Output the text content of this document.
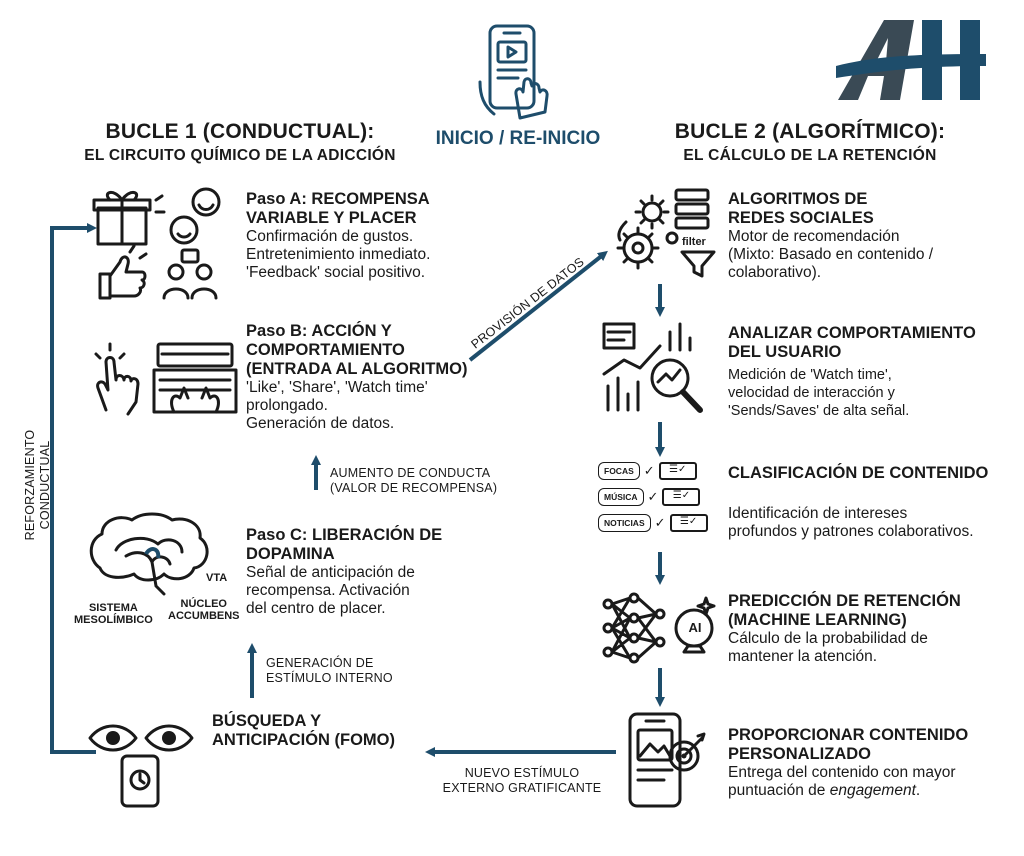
INICIO / RE-INICIO
BUCLE 1 (CONDUCTUAL):
EL CIRCUITO QUÍMICO DE LA ADICCIÓN
BUCLE 2 (ALGORÍTMICO):
EL CÁLCULO DE LA RETENCIÓN
REFORZAMIENTO CONDUCTUAL
PROVISIÓN DE DATOS
Paso A: RECOMPENSA
VARIABLE Y PLACER
Confirmación de gustos.
Entretenimiento inmediato.
'Feedback' social positivo.
Paso B: ACCIÓN Y
COMPORTAMIENTO
(ENTRADA AL ALGORITMO)
'Like', 'Share', 'Watch time'
prolongado.
Generación de datos.
AUMENTO DE CONDUCTA
(VALOR DE RECOMPENSA)
VTA
NÚCLEO
ACCUMBENS
SISTEMA
MESOLÍMBICO
Paso C: LIBERACIÓN DE
DOPAMINA
Señal de anticipación de
recompensa. Activación
del centro de placer.
GENERACIÓN DE
ESTÍMULO INTERNO
BÚSQUEDA Y
ANTICIPACIÓN (FOMO)
NUEVO ESTÍMULO
EXTERNO GRATIFICANTE
filter
ALGORITMOS DE
REDES SOCIALES
Motor de recomendación
(Mixto: Basado en contenido /
colaborativo).
ANALIZAR COMPORTAMIENTO
DEL USUARIO
Medición de 'Watch time',
velocidad de interacción y
'Sends/Saves' de alta señal.
FOCAS ✓	☰✓
MÚSICA ✓	☰✓
NOTICIAS ✓	☰✓
CLASIFICACIÓN DE CONTENIDO
Identificación de intereses
profundos y patrones colaborativos.
AI
PREDICCIÓN DE RETENCIÓN
(MACHINE LEARNING)
Cálculo de la probabilidad de
mantener la atención.
PROPORCIONAR CONTENIDO
PERSONALIZADO
Entrega del contenido con mayor
puntuación de engagement.
